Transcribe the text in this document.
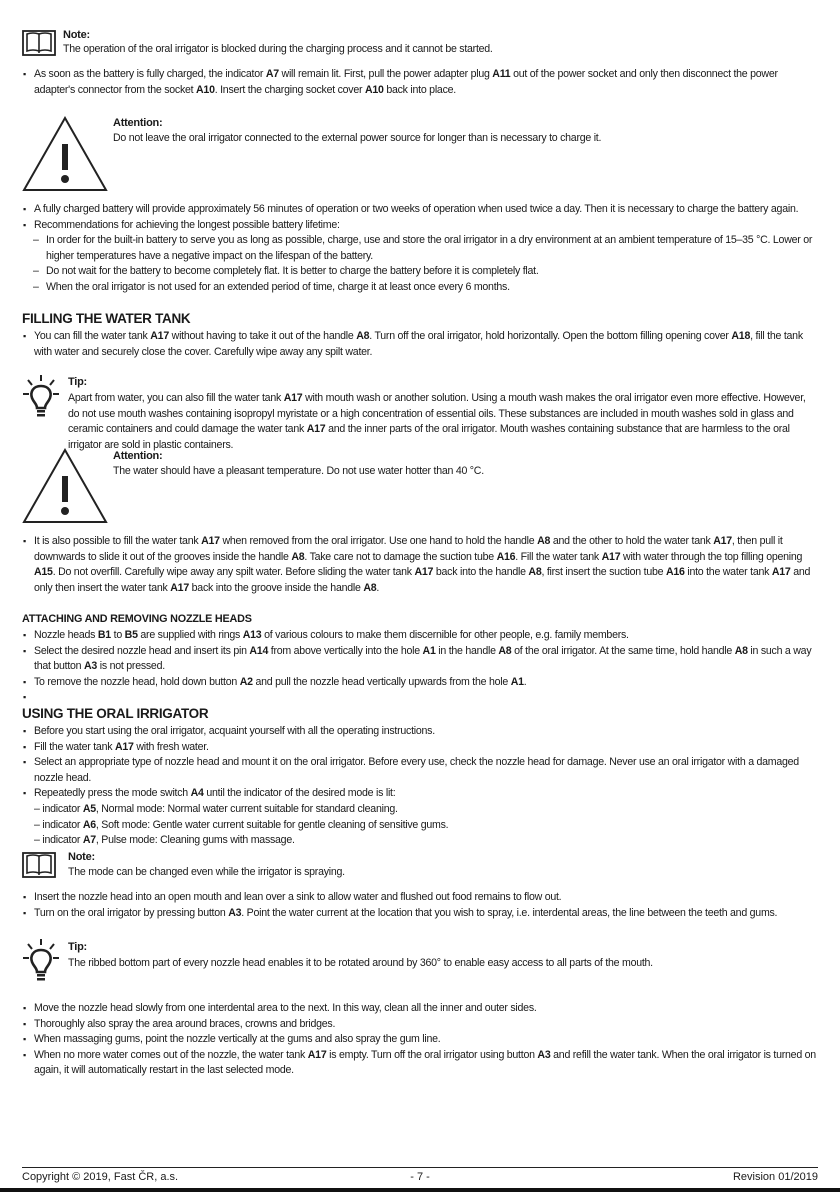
Note:
The operation of the oral irrigator is blocked during the charging process and it cannot be started.
▪ As soon as the battery is fully charged, the indicator A7 will remain lit. First, pull the power adapter plug A11 out of the power socket and only then disconnect the power adapter's connector from the socket A10. Insert the charging socket cover A10 back into place.
Attention:
Do not leave the oral irrigator connected to the external power source for longer than is necessary to charge it.
▪ A fully charged battery will provide approximately 56 minutes of operation or two weeks of operation when used twice a day. Then it is necessary to charge the battery again.
▪ Recommendations for achieving the longest possible battery lifetime:
– In order for the built-in battery to serve you as long as possible, charge, use and store the oral irrigator in a dry environment at an ambient temperature of 15–35 °C. Lower or higher temperatures have a negative impact on the lifespan of the battery.
– Do not wait for the battery to become completely flat. It is better to charge the battery before it is completely flat.
– When the oral irrigator is not used for an extended period of time, charge it at least once every 6 months.
FILLING THE WATER TANK
▪ You can fill the water tank A17 without having to take it out of the handle A8. Turn off the oral irrigator, hold horizontally. Open the bottom filling opening cover A18, fill the tank with water and securely close the cover. Carefully wipe away any spilt water.
Tip:
Apart from water, you can also fill the water tank A17 with mouth wash or another solution. Using a mouth wash makes the oral irrigator even more effective. However, do not use mouth washes containing isopropyl myristate or a high concentration of essential oils. These substances are included in mouth washes sold in glass and ceramic containers and could damage the water tank A17 and the inner parts of the oral irrigator. Mouth washes containing substance that are harmless to the oral irrigator are sold in plastic containers.
Attention:
The water should have a pleasant temperature. Do not use water hotter than 40 °C.
▪ It is also possible to fill the water tank A17 when removed from the oral irrigator. Use one hand to hold the handle A8 and the other to hold the water tank A17, then pull it downwards to slide it out of the grooves inside the handle A8. Take care not to damage the suction tube A16. Fill the water tank A17 with water through the top filling opening A15. Do not overfill. Carefully wipe away any spilt water. Before sliding the water tank A17 back into the handle A8, first insert the suction tube A16 into the water tank A17 and only then insert the water tank A17 back into the groove inside the handle A8.
ATTACHING AND REMOVING NOZZLE HEADS
▪ Nozzle heads B1 to B5 are supplied with rings A13 of various colours to make them discernible for other people, e.g. family members.
▪ Select the desired nozzle head and insert its pin A14 from above vertically into the hole A1 in the handle A8 of the oral irrigator. At the same time, hold handle A8 in such a way that button A3 is not pressed.
▪ To remove the nozzle head, hold down button A2 and pull the nozzle head vertically upwards from the hole A1.
▪
USING THE ORAL IRRIGATOR
▪ Before you start using the oral irrigator, acquaint yourself with all the operating instructions.
▪ Fill the water tank A17 with fresh water.
▪ Select an appropriate type of nozzle head and mount it on the oral irrigator. Before every use, check the nozzle head for damage. Never use an oral irrigator with a damaged nozzle head.
▪ Repeatedly press the mode switch A4 until the indicator of the desired mode is lit:
– indicator A5, Normal mode: Normal water current suitable for standard cleaning.
– indicator A6, Soft mode: Gentle water current suitable for gentle cleaning of sensitive gums.
– indicator A7, Pulse mode: Cleaning gums with massage.
Note:
The mode can be changed even while the irrigator is spraying.
▪ Insert the nozzle head into an open mouth and lean over a sink to allow water and flushed out food remains to flow out.
▪ Turn on the oral irrigator by pressing button A3. Point the water current at the location that you wish to spray, i.e. interdental areas, the line between the teeth and gums.
Tip:
The ribbed bottom part of every nozzle head enables it to be rotated around by 360° to enable easy access to all parts of the mouth.
▪ Move the nozzle head slowly from one interdental area to the next. In this way, clean all the inner and outer sides.
▪ Thoroughly also spray the area around braces, crowns and bridges.
▪ When massaging gums, point the nozzle vertically at the gums and also spray the gum line.
▪ When no more water comes out of the nozzle, the water tank A17 is empty. Turn off the oral irrigator using button A3 and refill the water tank. When the oral irrigator is turned on again, it will automatically restart in the last selected mode.
Copyright © 2019, Fast ČR, a.s.	- 7 -	Revision 01/2019
